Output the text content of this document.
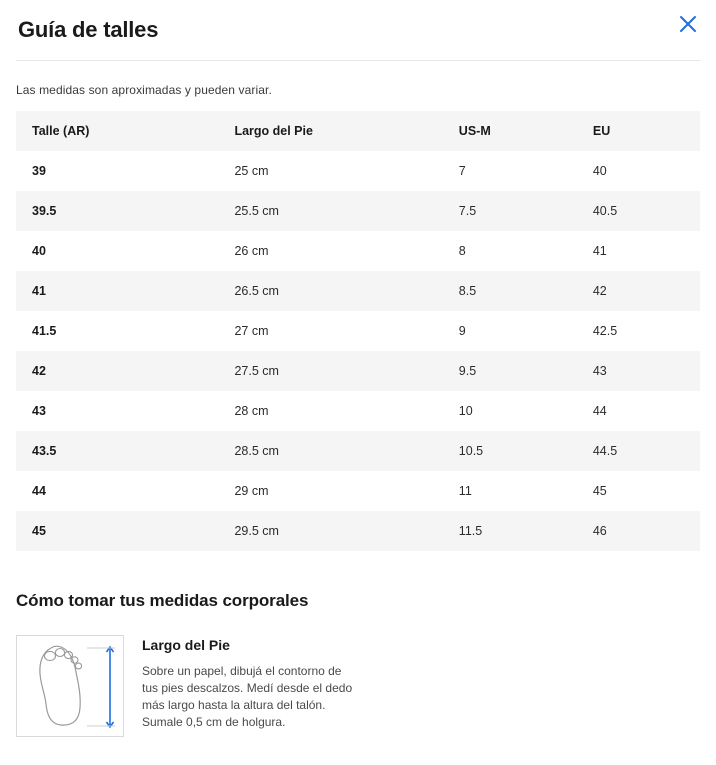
Guía de talles
Las medidas son aproximadas y pueden variar.
Talle (AR)	Largo del Pie	US-M	EU
39	25 cm	7	40
39.5	25.5 cm	7.5	40.5
40	26 cm	8	41
41	26.5 cm	8.5	42
41.5	27 cm	9	42.5
42	27.5 cm	9.5	43
43	28 cm	10	44
43.5	28.5 cm	10.5	44.5
44	29 cm	11	45
45	29.5 cm	11.5	46
Cómo tomar tus medidas corporales
Largo del Pie
Sobre un papel, dibujá el contorno de tus pies descalzos. Medí desde el dedo más largo hasta la altura del talón. Sumale 0,5 cm de holgura.
